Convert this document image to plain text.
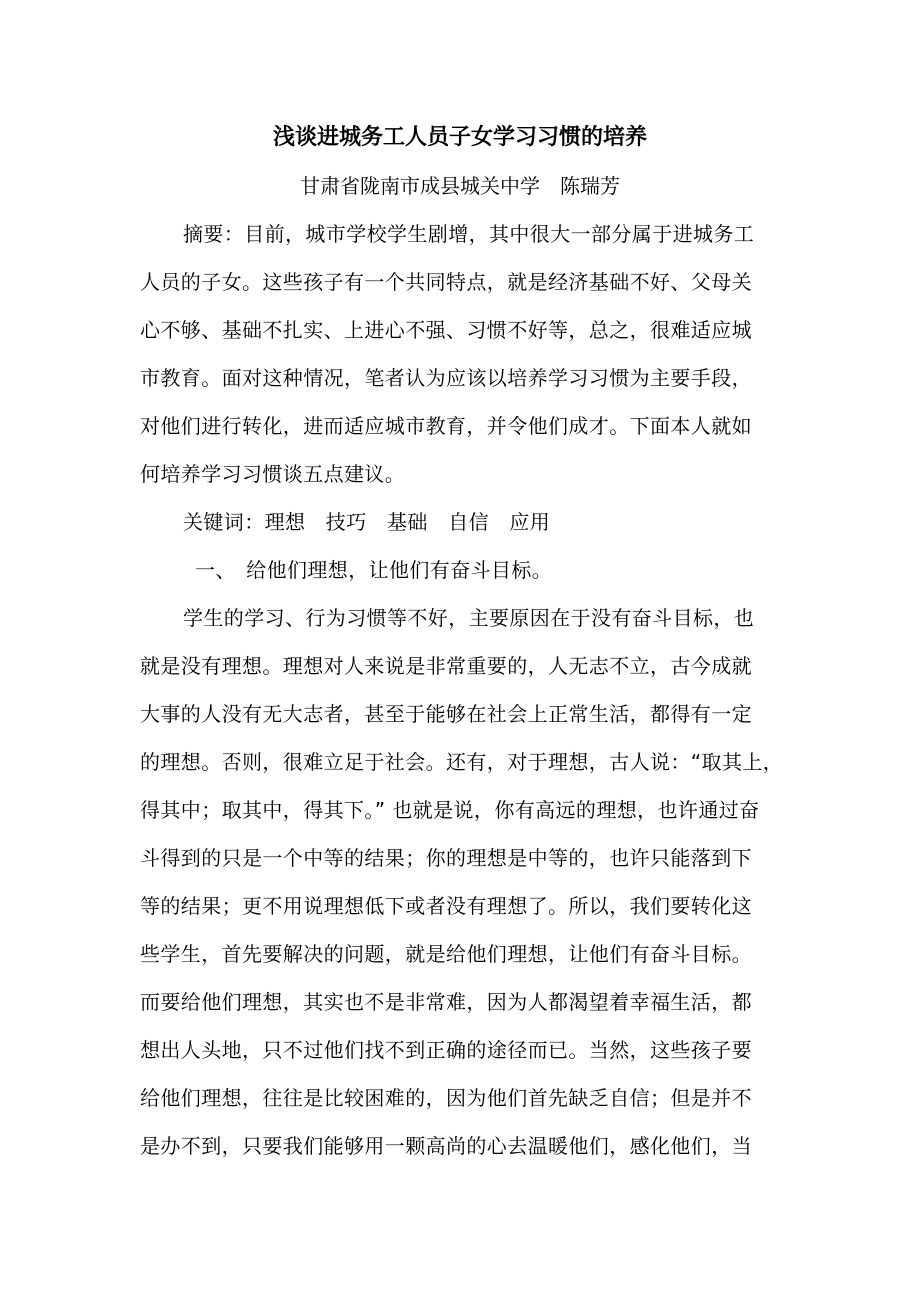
浅谈进城务工人员子女学习习惯的培养
甘肃省陇南市成县城关中学　陈瑞芳
摘要：目前，城市学校学生剧增，其中很大一部分属于进城务工
人员的子女。这些孩子有一个共同特点，就是经济基础不好、父母关
心不够、基础不扎实、上进心不强、习惯不好等，总之，很难适应城
市教育。面对这种情况，笔者认为应该以培养学习习惯为主要手段，
对他们进行转化，进而适应城市教育，并令他们成才。下面本人就如
何培养学习习惯谈五点建议。
关键词：理想　技巧　基础　自信　应用
一、　给他们理想，让他们有奋斗目标。
学生的学习、行为习惯等不好，主要原因在于没有奋斗目标，也
就是没有理想。理想对人来说是非常重要的，人无志不立，古今成就
大事的人没有无大志者，甚至于能够在社会上正常生活，都得有一定
的理想。否则，很难立足于社会。还有，对于理想，古人说：“取其上，
得其中；取其中，得其下。” 也就是说，你有高远的理想，也许通过奋
斗得到的只是一个中等的结果；你的理想是中等的，也许只能落到下
等的结果；更不用说理想低下或者没有理想了。所以，我们要转化这
些学生，首先要解决的问题，就是给他们理想，让他们有奋斗目标。
而要给他们理想，其实也不是非常难，因为人都渴望着幸福生活，都
想出人头地，只不过他们找不到正确的途径而已。当然，这些孩子要
给他们理想，往往是比较困难的，因为他们首先缺乏自信；但是并不
是办不到，只要我们能够用一颗高尚的心去温暖他们，感化他们，当
